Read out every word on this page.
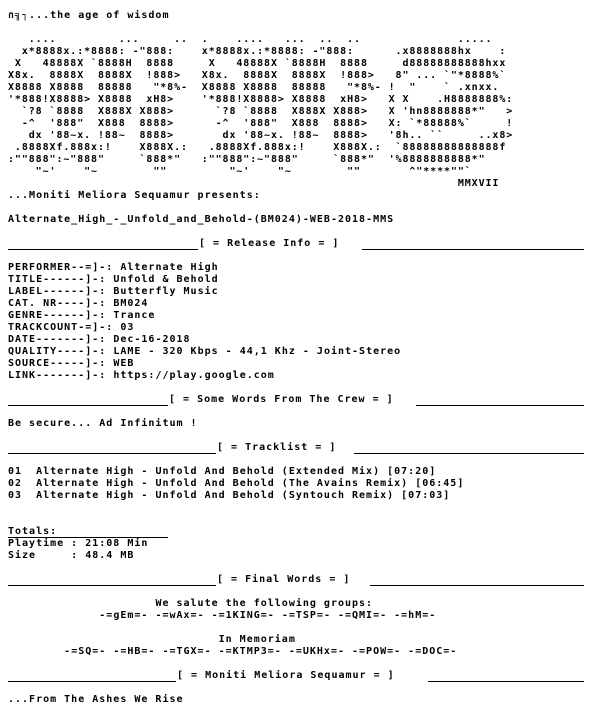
∩╗┐...the age of wisdom
....         ...     ..  .    ....   ...  ..  ..              .....
x*8888x.:*8888: -"888:    x*8888x.:*8888: -"888:      .x8888888hx    :
X   48888X `8888H  8888     X   48888X `8888H  8888     d88888888888hxx
X8x.  8888X  8888X  !888>   X8x.  8888X  8888X  !888>   8" ... `"*8888%`
X8888 X8888  88888   "*8%-  X8888 X8888  88888   "*8%- !  "    ` .xnxx.
'*888!X8888> X8888  xH8>    '*888!X8888> X8888  xH8>   X X    .H8888888%:
`?8 `8888  X888X X888>      `?8 `8888  X888X X888>   X 'hn8888888*"   >
-^  '888"  X888  8888>      -^  '888"  X888  8888>   X: `*88888%`     !
dx '88~x. !88~  8888>       dx '88~x. !88~  8888>   '8h.. ``     ..x8>
.8888Xf.888x:!    X888X.:   .8888Xf.888x:!    X888X.:  `88888888888888f
:""888":~"888"     `888*"   :""888":~"888"     `888*"  '%8888888888*"
"~'    "~        ""         "~'    "~        ""       ^"****""`
MMXVII
...Moniti Meliora Sequamur presents:
Alternate_High_-_Unfold_and_Behold-(BM024)-WEB-2018-MMS
[ = Release Info = ]
PERFORMER--=]-: Alternate High
TITLE------]-: Unfold & Behold
LABEL------]-: Butterfly Music
CAT. NR----]-: BM024
GENRE------]-: Trance
TRACKCOUNT-=]-: 03
DATE-------]-: Dec-16-2018
QUALITY----]-: LAME - 320 Kbps - 44,1 Khz - Joint-Stereo
SOURCE-----]-: WEB
LINK-------]-: https://play.google.com
[ = Some Words From The Crew = ]
Be secure... Ad Infinitum !
[ = Tracklist = ]
01 Alternate High - Unfold And Behold (Extended Mix) [07:20]
02 Alternate High - Unfold And Behold (The Avains Remix) [06:45]
03 Alternate High - Unfold And Behold (Syntouch Remix) [07:03]
Totals:
Playtime : 21:08 Min
Size     : 48.4 MB
[ = Final Words = ]
We salute the following groups:
-=gEm=- -=wAx=- -=1KING=- -=TSP=- -=QMI=- -=hM=-
In Memoriam
-=SQ=- -=HB=- -=TGX=- -=KTMP3=- -=UKHx=- -=POW=- -=DOC=-
[ = Moniti Meliora Sequamur = ]
...From The Ashes We Rise
